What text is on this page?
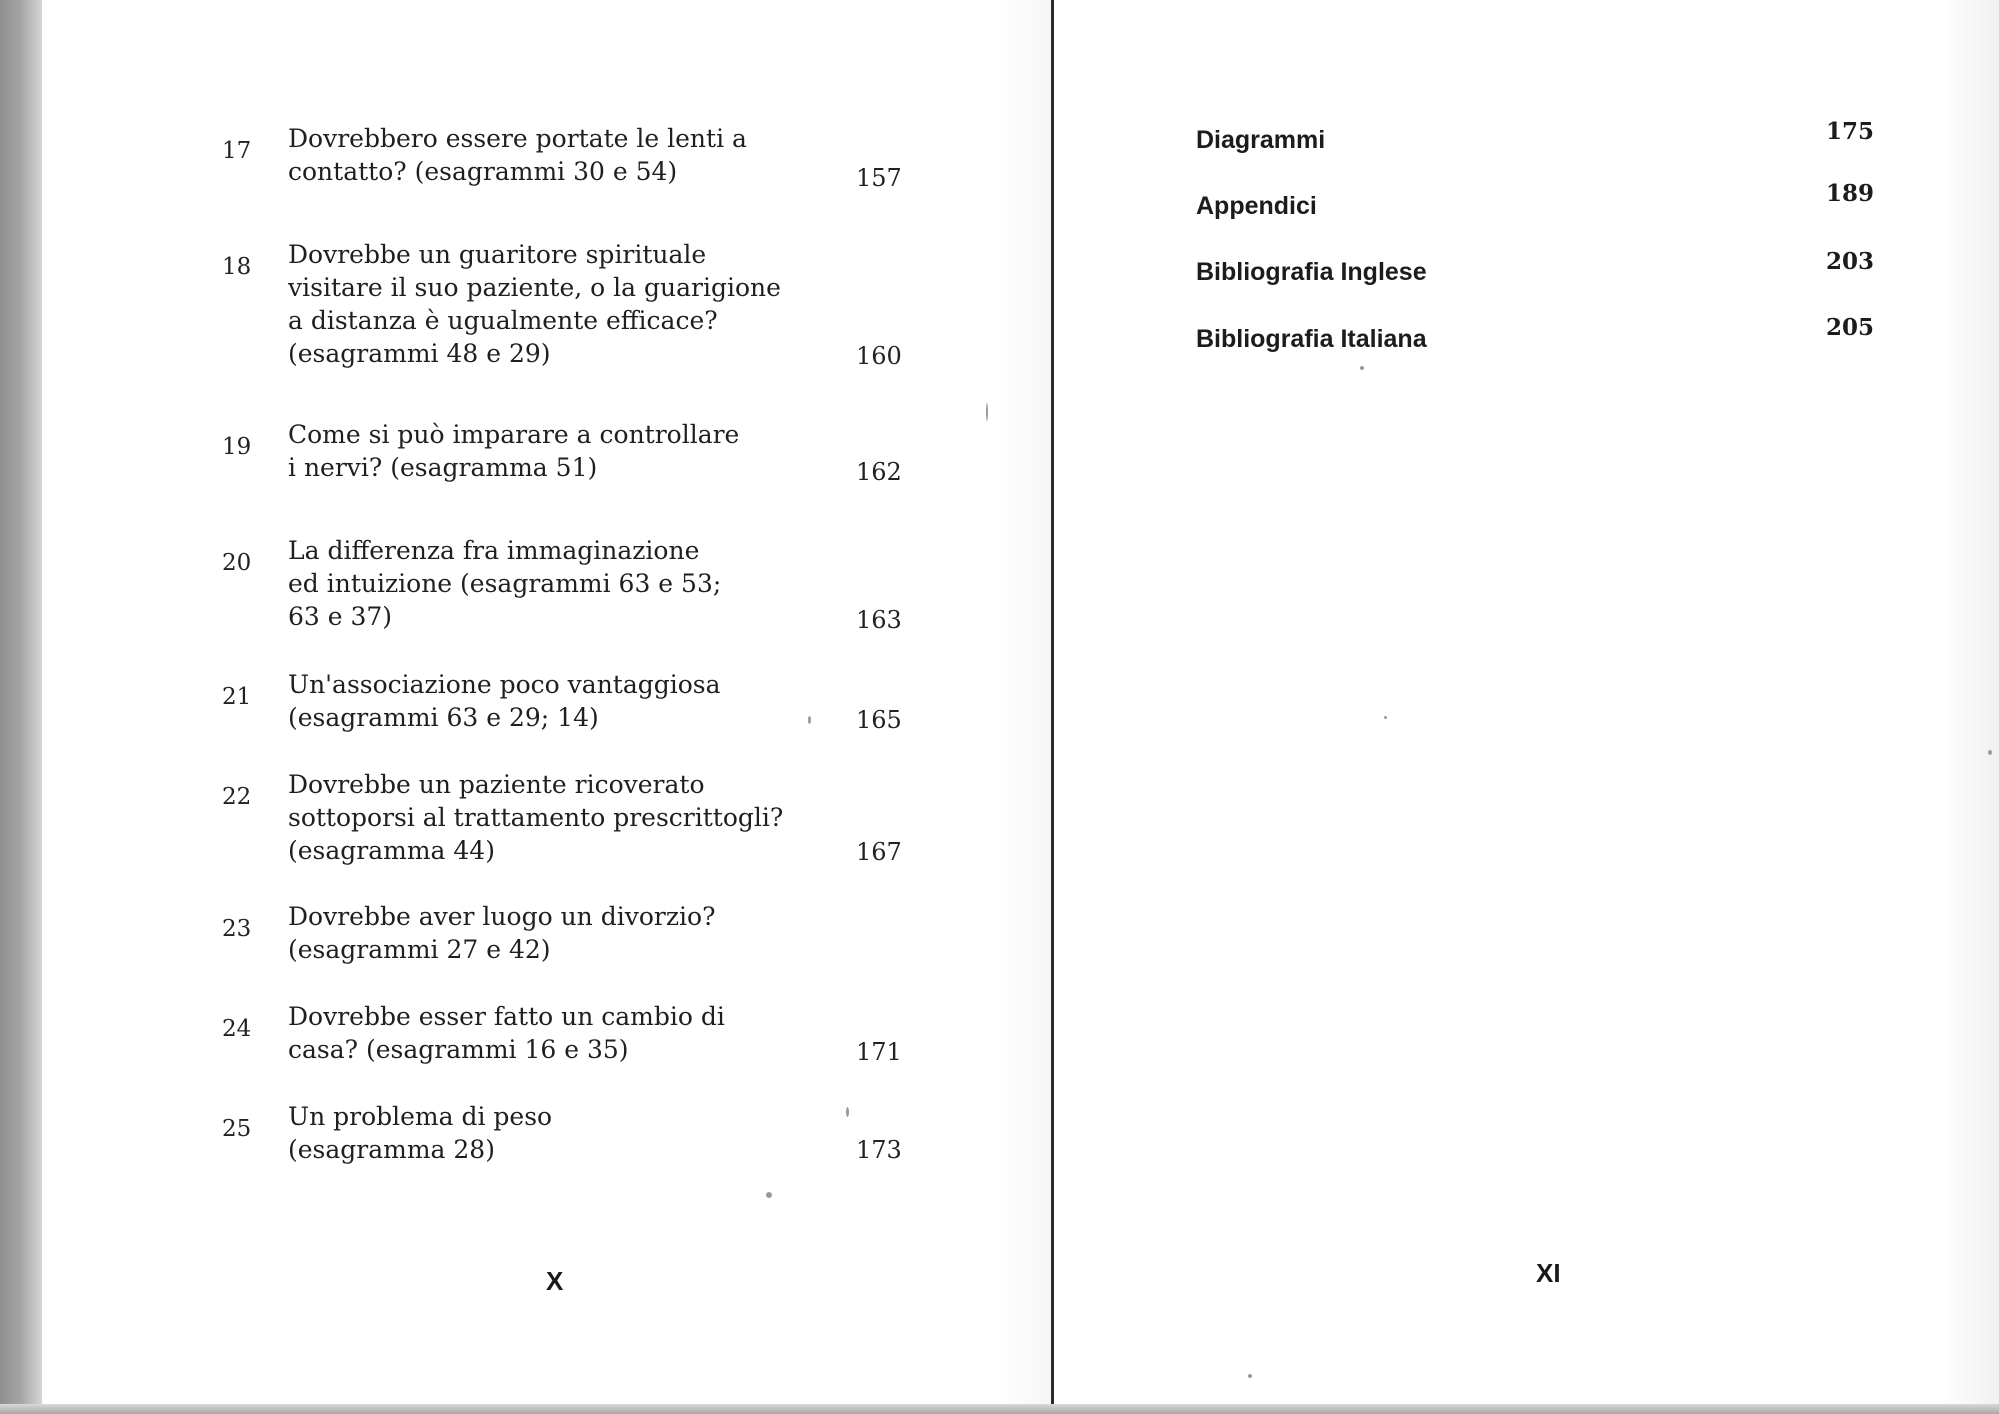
17	Dovrebbero essere portate le lenti a
contatto? (esagrammi 30 e 54)	157
18	Dovrebbe un guaritore spirituale
visitare il suo paziente, o la guarigione
a distanza è ugualmente efficace?
(esagrammi 48 e 29)	160
19	Come si può imparare a controllare
i nervi? (esagramma 51)	162
20	La differenza fra immaginazione
ed intuizione (esagrammi 63 e 53;
63 e 37)	163
21	Un'associazione poco vantaggiosa
(esagrammi 63 e 29; 14)	165
22	Dovrebbe un paziente ricoverato
sottoporsi al trattamento prescrittogli?
(esagramma 44)	167
23	Dovrebbe aver luogo un divorzio?
(esagrammi 27 e 42)
24	Dovrebbe esser fatto un cambio di
casa? (esagrammi 16 e 35)	171
25	Un problema di peso
(esagramma 28)	173
X
Diagrammi	175
Appendici	189
Bibliografia Inglese	203
Bibliografia Italiana	205
XI
